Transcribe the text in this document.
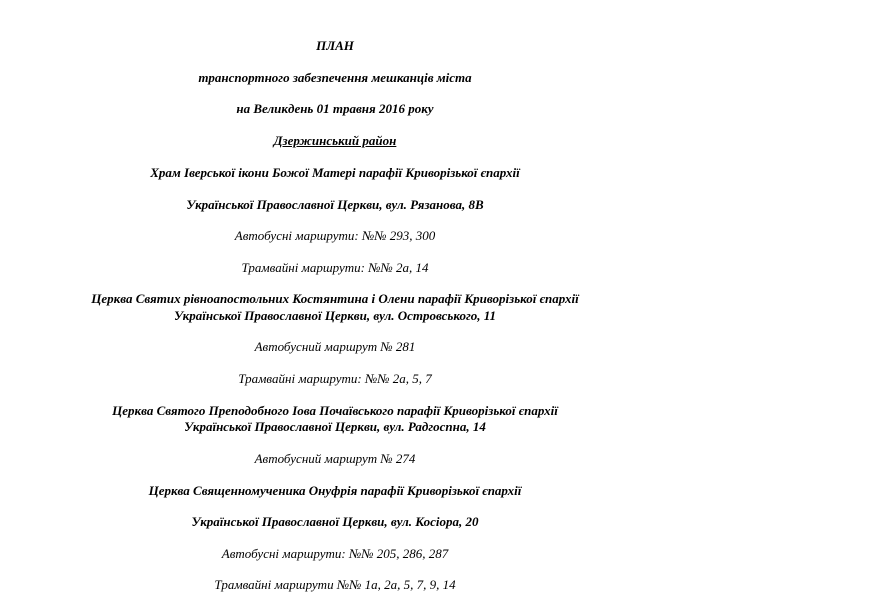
ПЛАН
транспортного забезпечення мешканців міста
на Великдень 01 травня 2016 року
Дзержинський район
Храм Іверської ікони Божої Матері парафії Криворізької єпархії
Української Православної Церкви, вул. Рязанова, 8В
Автобусні маршрути: №№ 293, 300
Трамвайні маршрути: №№ 2а, 14
Церква Святих рівноапостольних Костянтина і Олени парафії Криворізької єпархії
Української Православної Церкви, вул. Островського, 11
Автобусний маршрут № 281
Трамвайні маршрути: №№ 2а, 5, 7
Церква Святого Преподобного Іова Почаївського парафії Криворізької єпархії
Української Православної Церкви, вул. Радгоспна, 14
Автобусний маршрут № 274
Церква Священномученика Онуфрія парафії Криворізької єпархії
Української Православної Церкви, вул. Косіора, 20
Автобусні маршрути: №№ 205, 286, 287
Трамвайні маршрути №№ 1а, 2а, 5, 7, 9, 14
